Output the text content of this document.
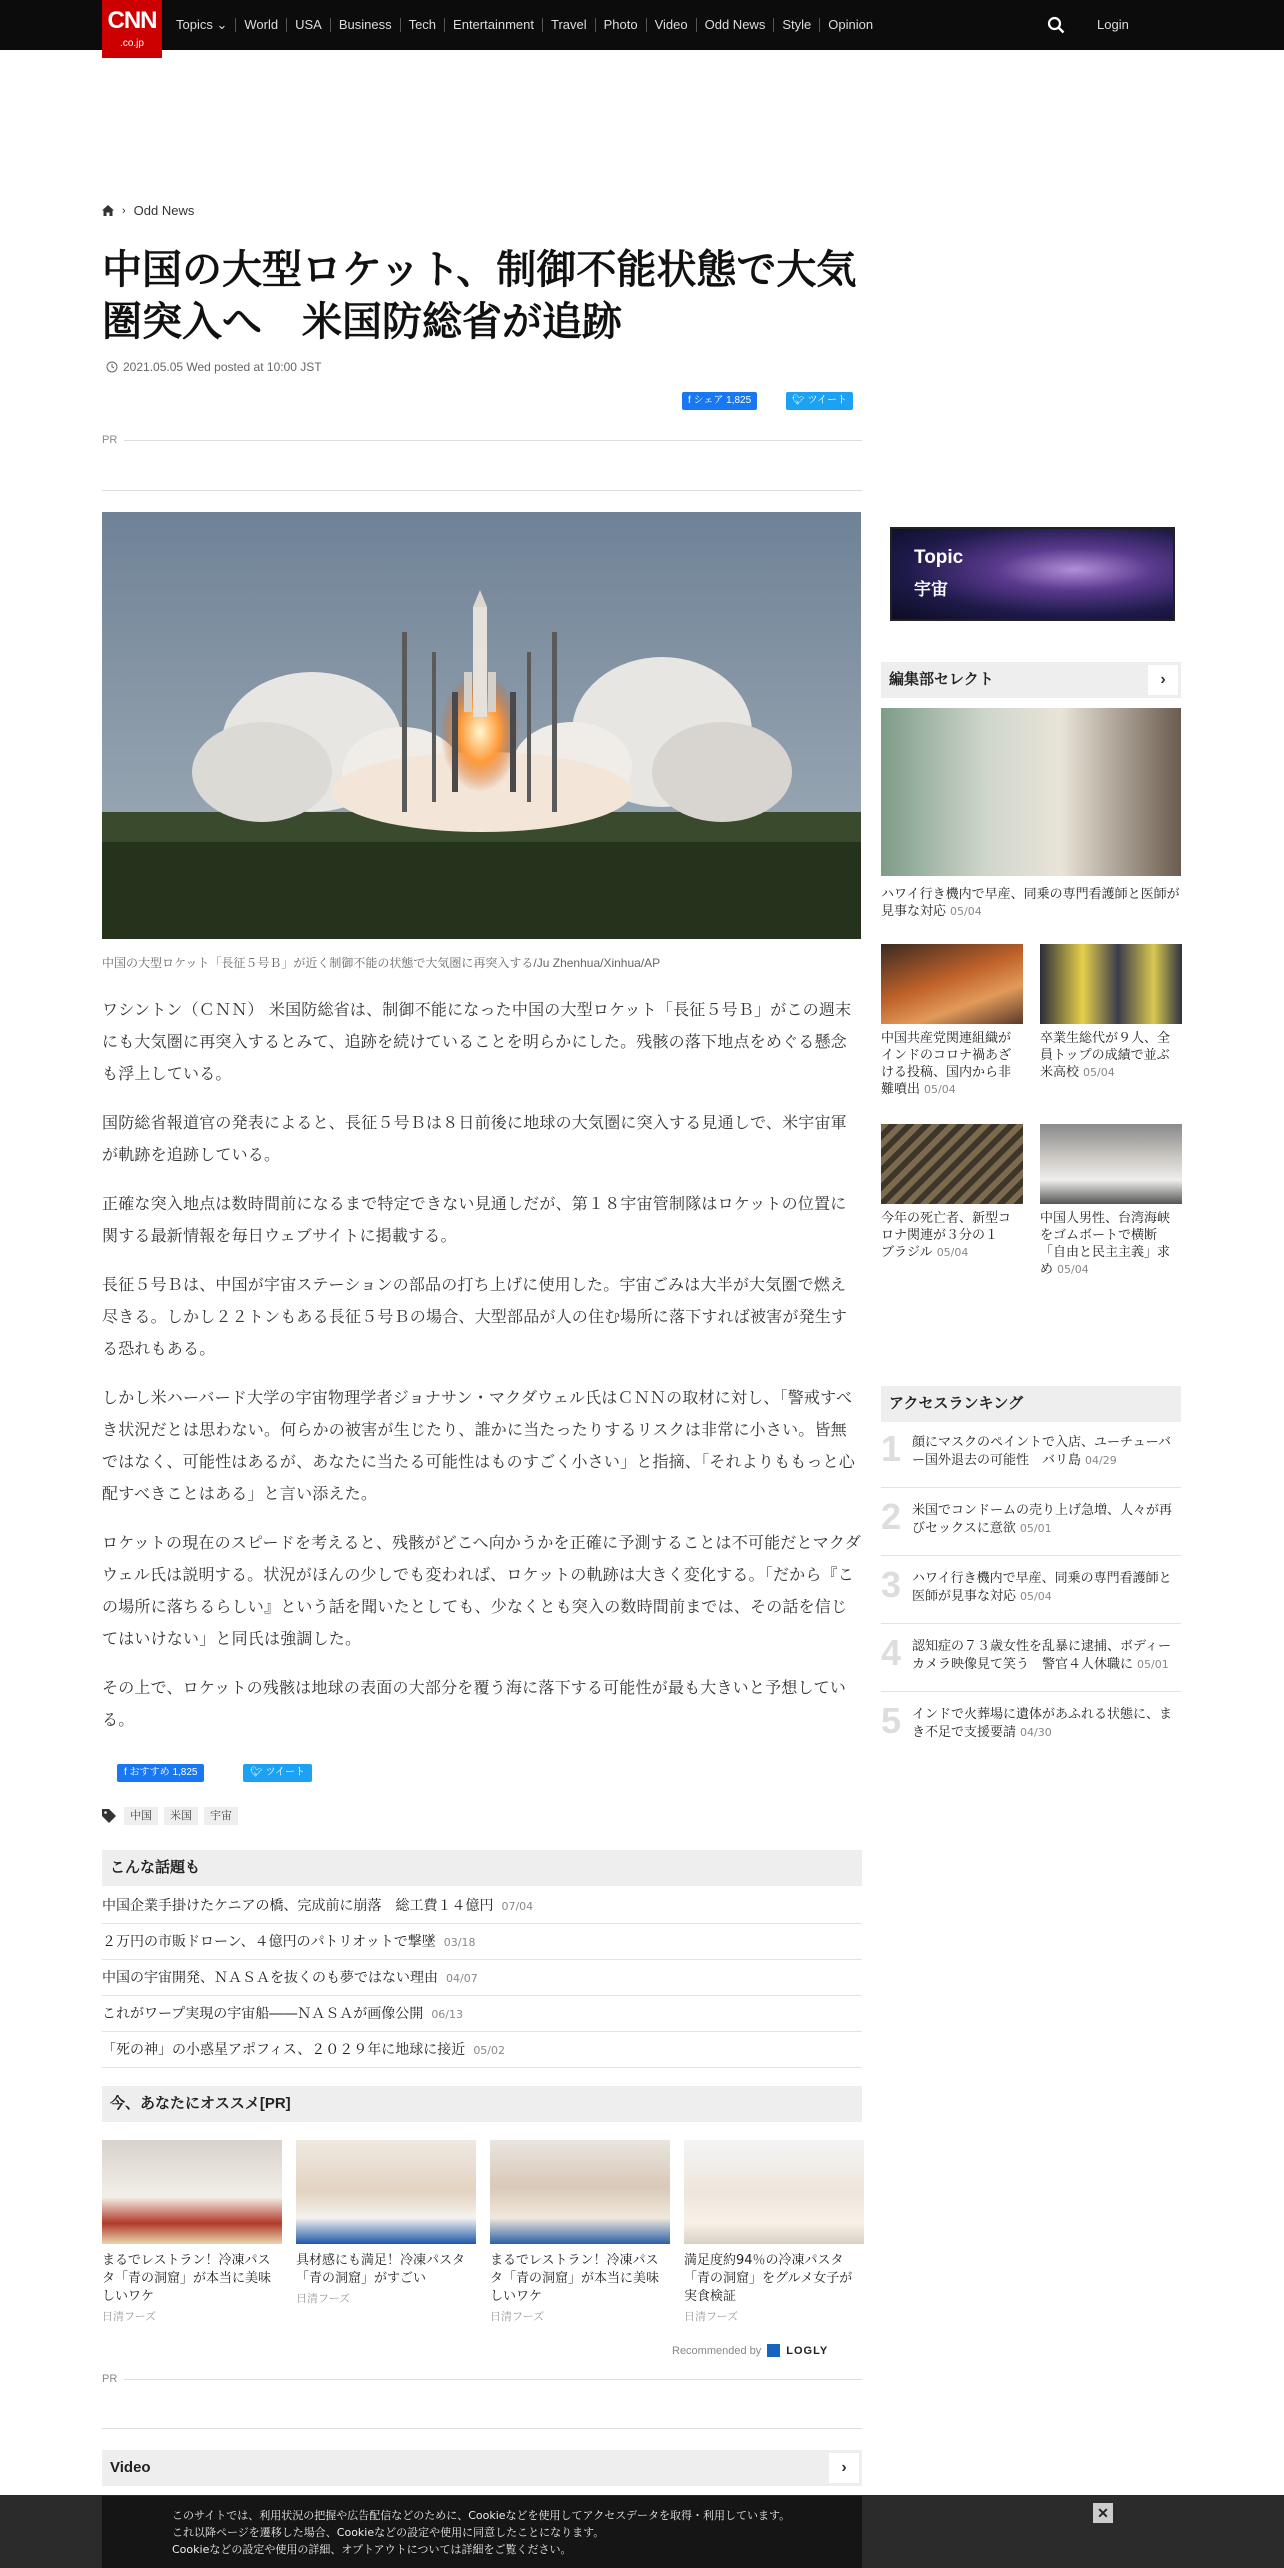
CNN
.co.jp
Topics ⌄	World	USA	Business	Tech	Entertainment	Travel	Photo	Video	Odd News	Style	Opinion	Login
› Odd News
中国の大型ロケット、制御不能状態で大気圏突入へ　米国防総省が追跡
2021.05.05 Wed posted at 10:00 JST
f シェア 1,825	🐦︎ ツイート
PR
中国の大型ロケット「長征５号Ｂ」が近く制御不能の状態で大気圏に再突入する/Ju Zhenhua/Xinhua/AP

ワシントン（ＣＮＮ） 米国防総省は、制御不能になった中国の大型ロケット「長征５号Ｂ」がこの週末にも大気圏に再突入するとみて、追跡を続けていることを明らかにした。残骸の落下地点をめぐる懸念も浮上している。

国防総省報道官の発表によると、長征５号Ｂは８日前後に地球の大気圏に突入する見通しで、米宇宙軍が軌跡を追跡している。

正確な突入地点は数時間前になるまで特定できない見通しだが、第１８宇宙管制隊はロケットの位置に関する最新情報を毎日ウェブサイトに掲載する。

長征５号Ｂは、中国が宇宙ステーションの部品の打ち上げに使用した。宇宙ごみは大半が大気圏で燃え尽きる。しかし２２トンもある長征５号Ｂの場合、大型部品が人の住む場所に落下すれば被害が発生する恐れもある。

しかし米ハーバード大学の宇宙物理学者ジョナサン・マクダウェル氏はＣＮＮの取材に対し、「警戒すべき状況だとは思わない。何らかの被害が生じたり、誰かに当たったりするリスクは非常に小さい。皆無ではなく、可能性はあるが、あなたに当たる可能性はものすごく小さい」と指摘、「それよりももっと心配すべきことはある」と言い添えた。

ロケットの現在のスピードを考えると、残骸がどこへ向かうかを正確に予測することは不可能だとマクダウェル氏は説明する。状況がほんの少しでも変われば、ロケットの軌跡は大きく変化する。「だから『この場所に落ちるらしい』という話を聞いたとしても、少なくとも突入の数時間前までは、その話を信じてはいけない」と同氏は強調した。

その上で、ロケットの残骸は地球の表面の大部分を覆う海に落下する可能性が最も大きいと予想している。

f おすすめ 1,825	🐦︎ ツイート
中国	米国	宇宙
こんな話題も
中国企業手掛けたケニアの橋、完成前に崩落　総工費１４億円 07/04
２万円の市販ドローン、４億円のパトリオットで撃墜 03/18
中国の宇宙開発、ＮＡＳＡを抜くのも夢ではない理由 04/07
これがワープ実現の宇宙船――ＮＡＳＡが画像公開 06/13
「死の神」の小惑星アポフィス、２０２９年に地球に接近 05/02
今、あなたにオススメ[PR]
まるでレストラン！冷凍パスタ「青の洞窟」が本当に美味しいワケ
日清フーズ
具材感にも満足！冷凍パスタ「青の洞窟」がすごい
日清フーズ
まるでレストラン！冷凍パスタ「青の洞窟」が本当に美味しいワケ
日清フーズ
満足度約94％の冷凍パスタ「青の洞窟」をグルメ女子が実食検証
日清フーズ
Recommended by LOGLY
PR
Video	›
Topic
宇宙
編集部セレクト	›
ハワイ行き機内で早産、同乗の専門看護師と医師が見事な対応 05/04
中国共産党関連組織がインドのコロナ禍あざける投稿、国内から非難噴出 05/04
卒業生総代が９人、全員トップの成績で並ぶ　米高校 05/04
今年の死亡者、新型コロナ関連が３分の１　ブラジル 05/04
中国人男性、台湾海峡をゴムボートで横断「自由と民主主義」求め 05/04
アクセスランキング
1 顔にマスクのペイントで入店、ユーチューバー国外退去の可能性　バリ島 04/29
2 米国でコンドームの売り上げ急増、人々が再びセックスに意欲 05/01
3 ハワイ行き機内で早産、同乗の専門看護師と医師が見事な対応 05/04
4 認知症の７３歳女性を乱暴に逮捕、ボディーカメラ映像見て笑う　警官４人休職に 05/01
5 インドで火葬場に遺体があふれる状態に、まき不足で支援要請 04/30
このサイトでは、利用状況の把握や広告配信などのために、Cookieなどを使用してアクセスデータを取得・利用しています。
これ以降ページを遷移した場合、Cookieなどの設定や使用に同意したことになります。
Cookieなどの設定や使用の詳細、オプトアウトについては詳細をご覧ください。
✕
